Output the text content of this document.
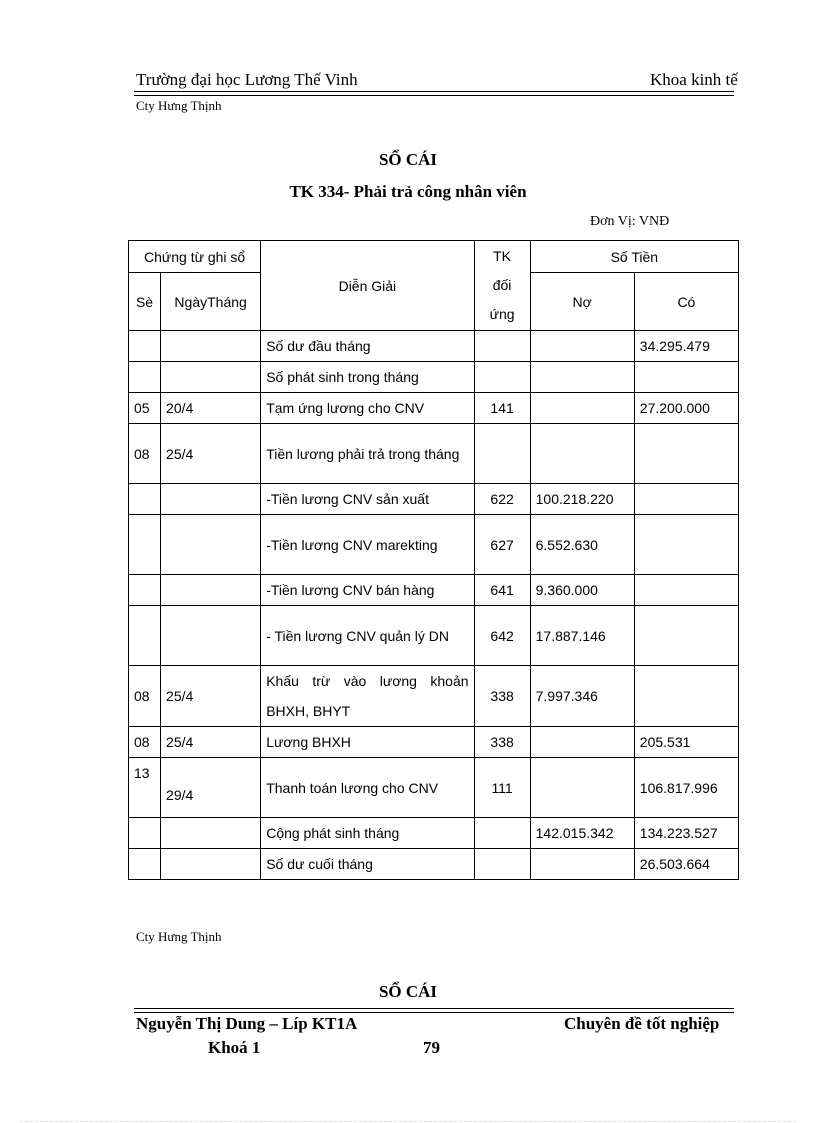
Trường đại học Lương Thế Vinh	Khoa kinh tế
Cty Hưng Thịnh
SỔ CÁI
TK 334- Phải trả công nhân viên
Đơn Vị: VNĐ
Chứng từ ghi sổ		Diễn Giải	TK đối ứng	Số Tiền	
Sè	NgàyTháng			Nợ	Có
		Số dư đầu tháng			34.295.479
		Số phát sinh trong tháng			
05	20/4	Tạm ứng lương cho CNV	141		27.200.000
08	25/4	Tiền lương phải trả trong tháng			
		-Tiền lương CNV sản xuất	622	100.218.220	
		-Tiền lương CNV marekting	627	6.552.630	
		-Tiền lương CNV bán hàng	641	9.360.000	
		- Tiền lương CNV quản lý DN	642	17.887.146	
08	25/4	Khấu trừ vào lương khoản BHXH, BHYT	338	7.997.346	
08	25/4	Lương BHXH	338		205.531
13	29/4	Thanh toán lương cho CNV	111		106.817.996
		Cộng phát sinh tháng		142.015.342	134.223.527
		Số dư cuối tháng			26.503.664
Cty Hưng Thịnh
SỔ CÁI
Nguyễn Thị Dung – Líp KT1A	Chuyên đề tốt nghiệp
Khoá 1	79
